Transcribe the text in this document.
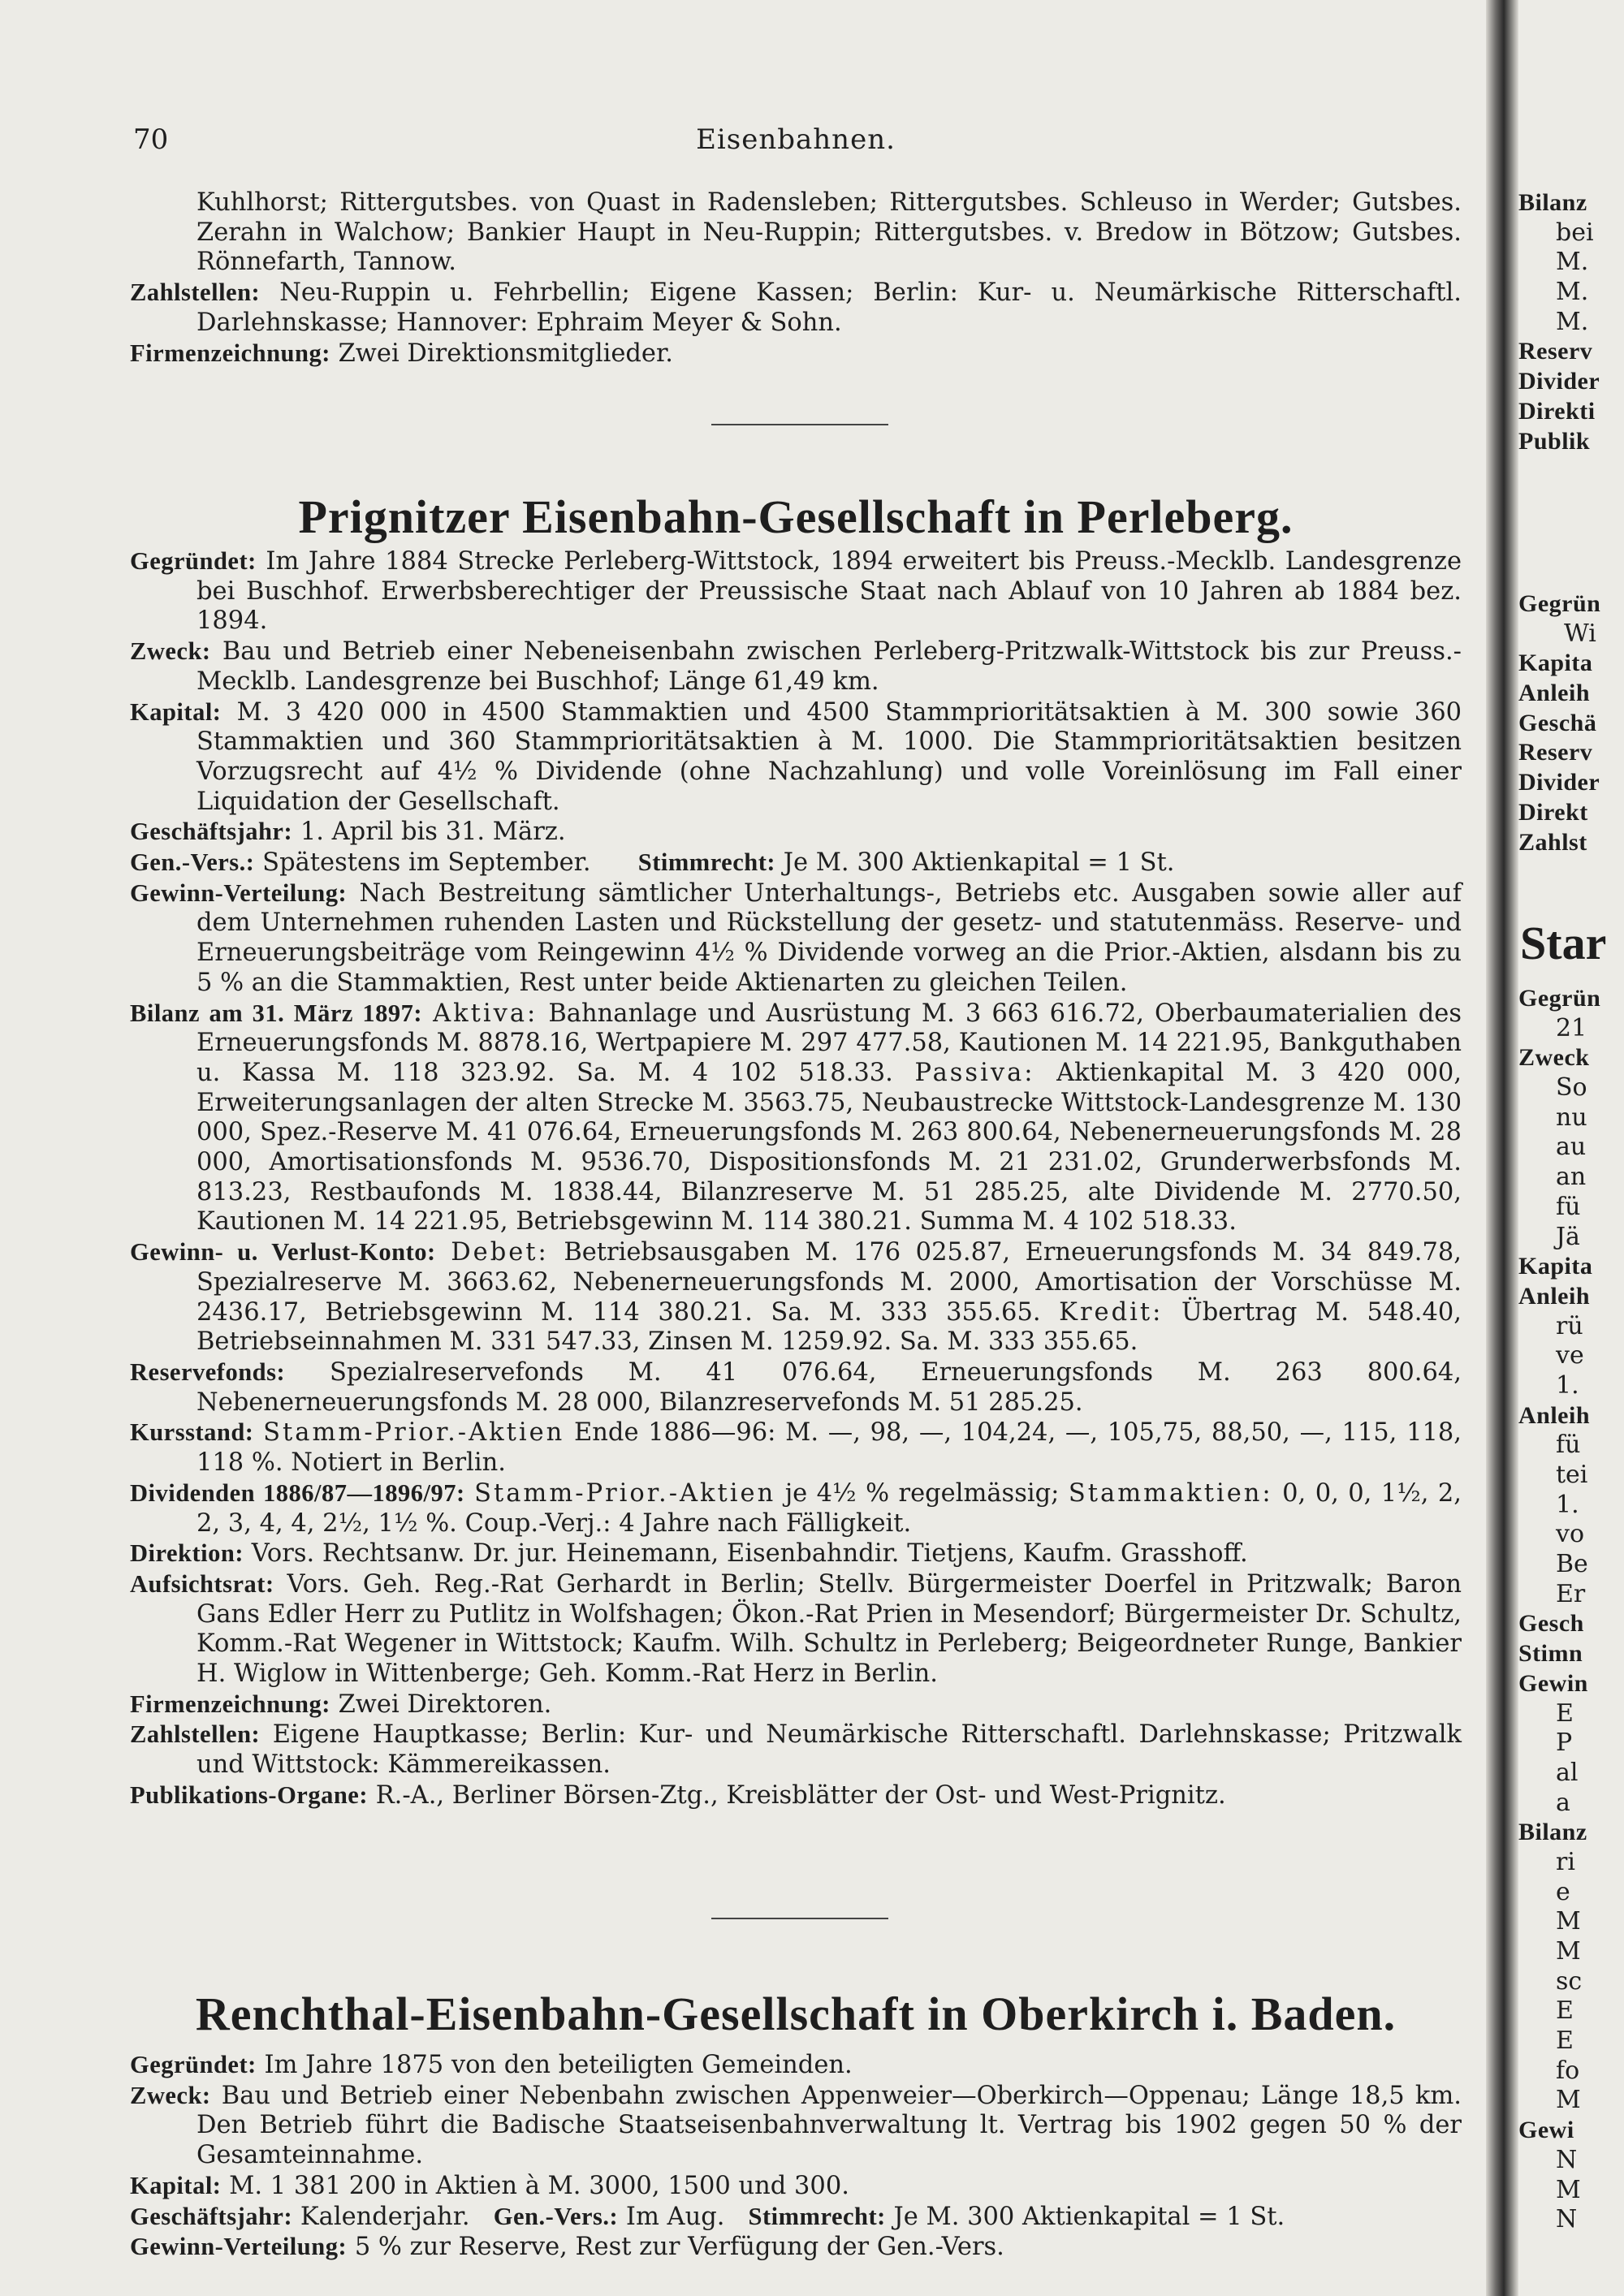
70	Eisenbahnen.

Kuhlhorst; Rittergutsbes. von Quast in Radensleben; Rittergutsbes. Schleuso in Werder; Gutsbes. Zerahn in Walchow; Bankier Haupt in Neu-Ruppin; Rittergutsbes. v. Bredow in Bötzow; Gutsbes. Rönnefarth, Tannow.

Zahlstellen: Neu-Ruppin u. Fehrbellin; Eigene Kassen; Berlin: Kur- u. Neumärkische Ritterschaftl. Darlehnskasse; Hannover: Ephraim Meyer & Sohn.

Firmenzeichnung: Zwei Direktionsmitglieder.

Prignitzer Eisenbahn-Gesellschaft in Perleberg.

Gegründet: Im Jahre 1884 Strecke Perleberg-Wittstock, 1894 erweitert bis Preuss.-Mecklb. Landesgrenze bei Buschhof. Erwerbsberechtiger der Preussische Staat nach Ablauf von 10 Jahren ab 1884 bez. 1894.

Zweck: Bau und Betrieb einer Nebeneisenbahn zwischen Perleberg-Pritzwalk-Wittstock bis zur Preuss.-Mecklb. Landesgrenze bei Buschhof; Länge 61,49 km.

Kapital: M. 3 420 000 in 4500 Stammaktien und 4500 Stammprioritätsaktien à M. 300 sowie 360 Stammaktien und 360 Stammprioritätsaktien à M. 1000. Die Stammprioritätsaktien besitzen Vorzugsrecht auf 4½ % Dividende (ohne Nachzahlung) und volle Voreinlösung im Fall einer Liquidation der Gesellschaft.

Geschäftsjahr: 1. April bis 31. März.

Gen.-Vers.: Spätestens im September. Stimmrecht: Je M. 300 Aktienkapital = 1 St.

Gewinn-Verteilung: Nach Bestreitung sämtlicher Unterhaltungs-, Betriebs etc. Ausgaben sowie aller auf dem Unternehmen ruhenden Lasten und Rückstellung der gesetz- und statutenmäss. Reserve- und Erneuerungsbeiträge vom Reingewinn 4½ % Dividende vorweg an die Prior.-Aktien, alsdann bis zu 5 % an die Stammaktien, Rest unter beide Aktienarten zu gleichen Teilen.

Bilanz am 31. März 1897: Aktiva: Bahnanlage und Ausrüstung M. 3 663 616.72, Oberbaumaterialien des Erneuerungsfonds M. 8878.16, Wertpapiere M. 297 477.58, Kautionen M. 14 221.95, Bankguthaben u. Kassa M. 118 323.92. Sa. M. 4 102 518.33. Passiva: Aktienkapital M. 3 420 000, Erweiterungsanlagen der alten Strecke M. 3563.75, Neubaustrecke Wittstock-Landesgrenze M. 130 000, Spez.-Reserve M. 41 076.64, Erneuerungsfonds M. 263 800.64, Nebenerneuerungsfonds M. 28 000, Amortisationsfonds M. 9536.70, Dispositionsfonds M. 21 231.02, Grunderwerbsfonds M. 813.23, Restbaufonds M. 1838.44, Bilanzreserve M. 51 285.25, alte Dividende M. 2770.50, Kautionen M. 14 221.95, Betriebsgewinn M. 114 380.21. Summa M. 4 102 518.33.

Gewinn- u. Verlust-Konto: Debet: Betriebsausgaben M. 176 025.87, Erneuerungsfonds M. 34 849.78, Spezialreserve M. 3663.62, Nebenerneuerungsfonds M. 2000, Amortisation der Vorschüsse M. 2436.17, Betriebsgewinn M. 114 380.21. Sa. M. 333 355.65. Kredit: Übertrag M. 548.40, Betriebseinnahmen M. 331 547.33, Zinsen M. 1259.92. Sa. M. 333 355.65.

Reservefonds: Spezialreservefonds M. 41 076.64, Erneuerungsfonds M. 263 800.64, Nebenerneuerungsfonds M. 28 000, Bilanzreservefonds M. 51 285.25.

Kursstand: Stamm-Prior.-Aktien Ende 1886—96: M. —, 98, —, 104,24, —, 105,75, 88,50, —, 115, 118, 118 %. Notiert in Berlin.

Dividenden 1886/87—1896/97: Stamm-Prior.-Aktien je 4½ % regelmässig; Stammaktien: 0, 0, 0, 1½, 2, 2, 3, 4, 4, 2½, 1½ %. Coup.-Verj.: 4 Jahre nach Fälligkeit.

Direktion: Vors. Rechtsanw. Dr. jur. Heinemann, Eisenbahndir. Tietjens, Kaufm. Grasshoff.

Aufsichtsrat: Vors. Geh. Reg.-Rat Gerhardt in Berlin; Stellv. Bürgermeister Doerfel in Pritzwalk; Baron Gans Edler Herr zu Putlitz in Wolfshagen; Ökon.-Rat Prien in Mesendorf; Bürgermeister Dr. Schultz, Komm.-Rat Wegener in Wittstock; Kaufm. Wilh. Schultz in Perleberg; Beigeordneter Runge, Bankier H. Wiglow in Wittenberge; Geh. Komm.-Rat Herz in Berlin.

Firmenzeichnung: Zwei Direktoren.

Zahlstellen: Eigene Hauptkasse; Berlin: Kur- und Neumärkische Ritterschaftl. Darlehnskasse; Pritzwalk und Wittstock: Kämmereikassen.

Publikations-Organe: R.-A., Berliner Börsen-Ztg., Kreisblätter der Ost- und West-Prignitz.

Renchthal-Eisenbahn-Gesellschaft in Oberkirch i. Baden.

Gegründet: Im Jahre 1875 von den beteiligten Gemeinden.

Zweck: Bau und Betrieb einer Nebenbahn zwischen Appenweier—Oberkirch—Oppenau; Länge 18,5 km. Den Betrieb führt die Badische Staatseisenbahnverwaltung lt. Vertrag bis 1902 gegen 50 % der Gesamteinnahme.

Kapital: M. 1 381 200 in Aktien à M. 3000, 1500 und 300.

Geschäftsjahr: Kalenderjahr. Gen.-Vers.: Im Aug. Stimmrecht: Je M. 300 Aktienkapital = 1 St.

Gewinn-Verteilung: 5 % zur Reserve, Rest zur Verfügung der Gen.-Vers.

Bilanz
bei
M.
M.
M.
Reserv
Divider
Direkti
Publik
Gegrün
Wi
Kapita
Anleih
Geschä
Reserv
Divider
Direkt
Zahlst
Star
Gegrün
21
Zweck
So
nu
au
an
fü
Jä
Kapita
Anleih
rü
ve
1.
Anleih
fü
tei
1.
vo
Be
Er
Gesch
Stimn
Gewin
E
P
al
a
Bilanz
ri
e
M
M
sc
E
E
fo
M
Gewi
N
M
N
